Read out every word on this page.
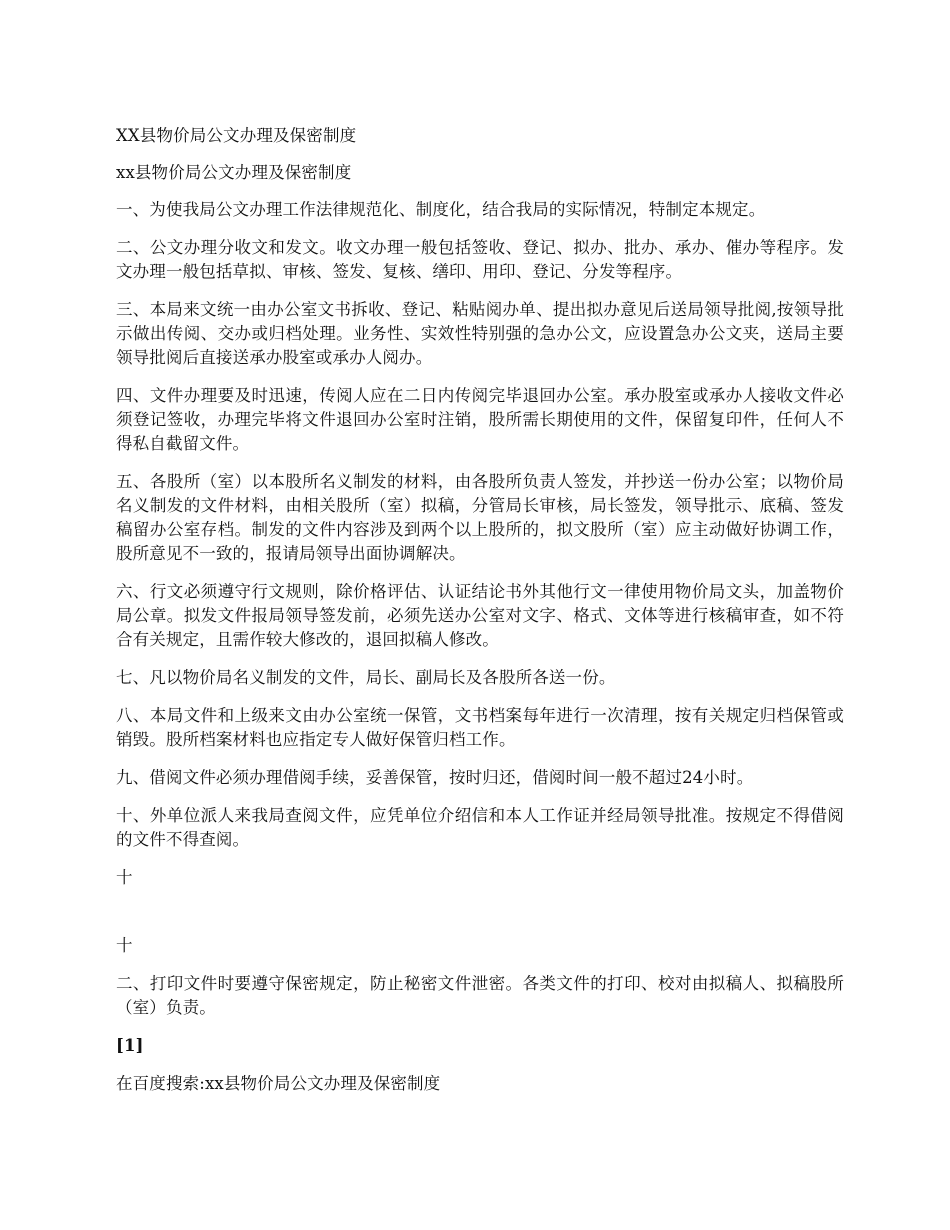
XX县物价局公文办理及保密制度

xx县物价局公文办理及保密制度

一、为使我局公文办理工作法律规范化、制度化，结合我局的实际情况，特制定本规定。

二、公文办理分收文和发文。收文办理一般包括签收、登记、拟办、批办、承办、催办等程序。发文办理一般包括草拟、审核、签发、复核、缮印、用印、登记、分发等程序。

三、本局来文统一由办公室文书拆收、登记、粘贴阅办单、提出拟办意见后送局领导批阅,按领导批示做出传阅、交办或归档处理。业务性、实效性特别强的急办公文，应设置急办公文夹，送局主要领导批阅后直接送承办股室或承办人阅办。

四、文件办理要及时迅速，传阅人应在二日内传阅完毕退回办公室。承办股室或承办人接收文件必须登记签收，办理完毕将文件退回办公室时注销，股所需长期使用的文件，保留复印件，任何人不得私自截留文件。

五、各股所（室）以本股所名义制发的材料，由各股所负责人签发，并抄送一份办公室；以物价局名义制发的文件材料，由相关股所（室）拟稿，分管局长审核，局长签发，领导批示、底稿、签发稿留办公室存档。制发的文件内容涉及到两个以上股所的，拟文股所（室）应主动做好协调工作，股所意见不一致的，报请局领导出面协调解决。

六、行文必须遵守行文规则，除价格评估、认证结论书外其他行文一律使用物价局文头，加盖物价局公章。拟发文件报局领导签发前，必须先送办公室对文字、格式、文体等进行核稿审查，如不符合有关规定，且需作较大修改的，退回拟稿人修改。

七、凡以物价局名义制发的文件，局长、副局长及各股所各送一份。

八、本局文件和上级来文由办公室统一保管，文书档案每年进行一次清理，按有关规定归档保管或销毁。股所档案材料也应指定专人做好保管归档工作。

九、借阅文件必须办理借阅手续，妥善保管，按时归还，借阅时间一般不超过24小时。

十、外单位派人来我局查阅文件，应凭单位介绍信和本人工作证并经局领导批准。按规定不得借阅的文件不得查阅。

十

十

二、打印文件时要遵守保密规定，防止秘密文件泄密。各类文件的打印、校对由拟稿人、拟稿股所（室）负责。

[1]

在百度搜索:xx县物价局公文办理及保密制度
